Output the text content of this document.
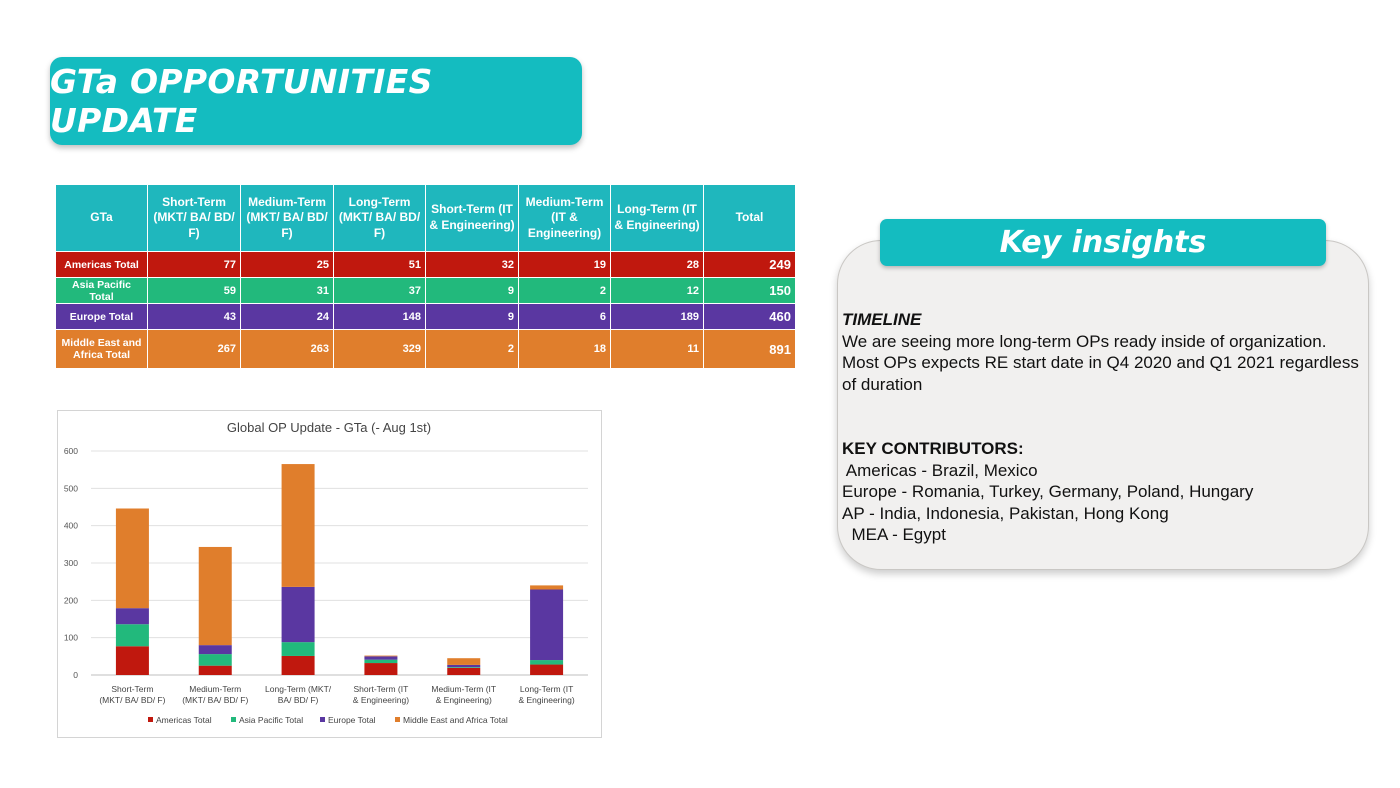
GTa OPPORTUNITIES UPDATE
GTa	Short-Term (MKT/ BA/ BD/ F)	Medium-Term (MKT/ BA/ BD/ F)	Long-Term (MKT/ BA/ BD/ F)	Short-Term (IT & Engineering)	Medium-Term (IT & Engineering)	Long-Term (IT & Engineering)	Total
Americas Total	77	25	51	32	19	28	249
Asia Pacific Total	59	31	37	9	2	12	150
Europe Total	43	24	148	9	6	189	460
Middle East and Africa Total	267	263	329	2	18	11	891
Global OP Update - GTa (- Aug 1st)
0
100
200
300
400
500
600
Short-Term (MKT/ BA/ BD/ F)
Medium-Term (MKT/ BA/ BD/ F)
Long-Term (MKT/ BA/ BD/ F)
Short-Term (IT & Engineering)
Medium-Term (IT & Engineering)
Long-Term (IT & Engineering)
Americas Total	Asia Pacific Total	Europe Total	Middle East and Africa Total
Key insights

TIMELINE

We are seeing more long-term OPs ready inside of organization.

Most OPs expects RE start date in Q4 2020 and Q1 2021 regardless of duration

KEY CONTRIBUTORS:

Americas - Brazil, Mexico

Europe - Romania, Turkey, Germany, Poland, Hungary

AP - India, Indonesia, Pakistan, Hong Kong

MEA - Egypt
